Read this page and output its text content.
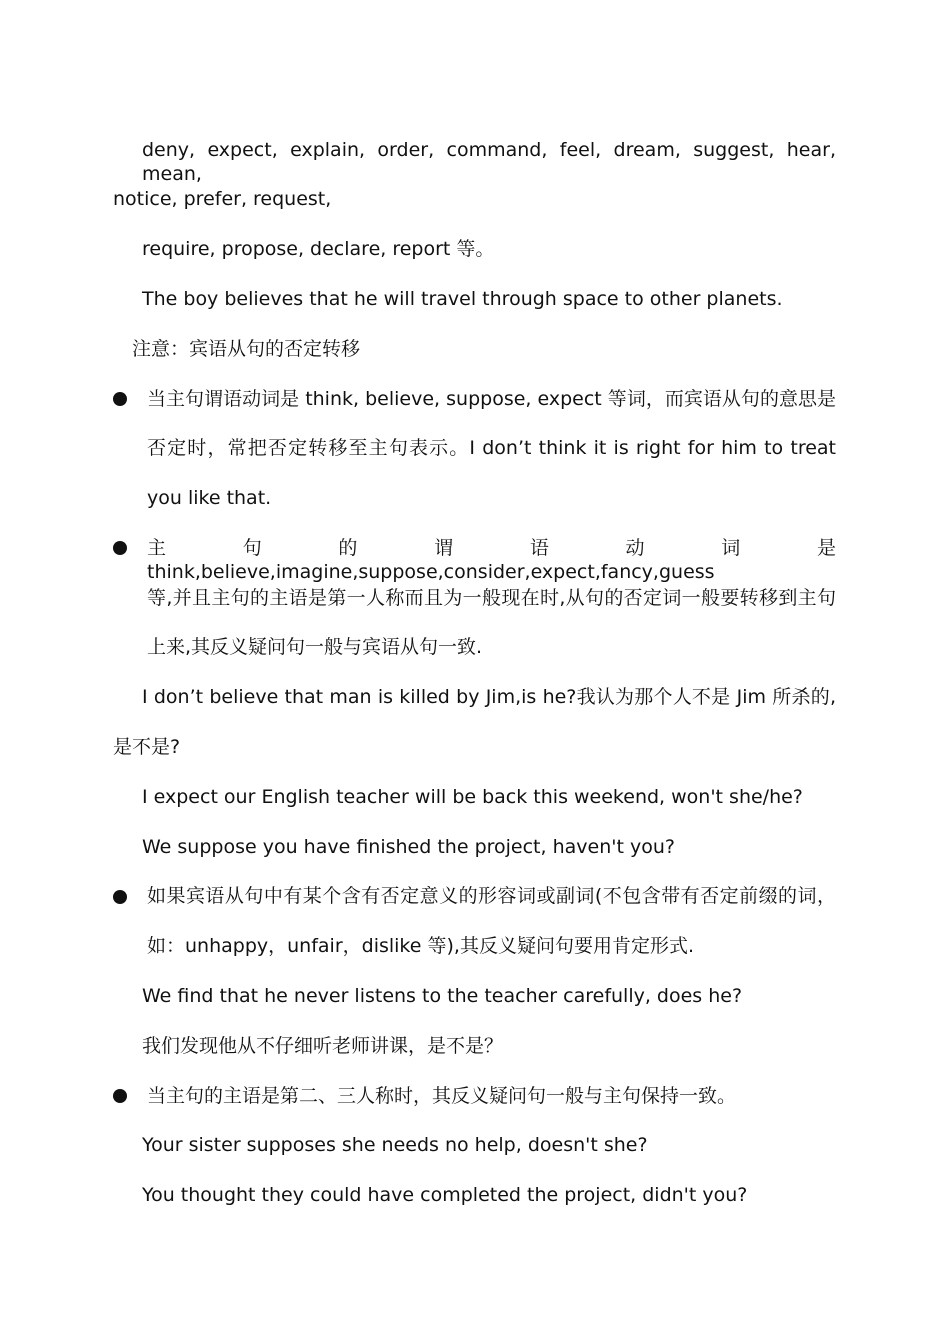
deny, expect, explain, order, command, feel, dream, suggest, hear, mean,
notice, prefer, request,
require, propose, declare, report 等。
The boy believes that he will travel through space to other planets.
注意：宾语从句的否定转移
当主句谓语动词是 think, believe, suppose, expect 等词，而宾语从句的意思是
否定时，常把否定转移至主句表示。I don’t think it is right for him to treat
you like that.
主句的谓语动词是 think,believe,imagine,suppose,consider,expect,fancy,guess
等,并且主句的主语是第一人称而且为一般现在时,从句的否定词一般要转移到主句
上来,其反义疑问句一般与宾语从句一致.
I don’t believe that man is killed by Jim,is he?我认为那个人不是 Jim 所杀的,
是不是?
I expect our English teacher will be back this weekend, won't she/he?
We suppose you have finished the project, haven't you?
如果宾语从句中有某个含有否定意义的形容词或副词(不包含带有否定前缀的词，
如：unhappy，unfair，dislike 等),其反义疑问句要用肯定形式.
We find that he never listens to the teacher carefully, does he?
我们发现他从不仔细听老师讲课，是不是？
当主句的主语是第二、三人称时，其反义疑问句一般与主句保持一致。
Your sister supposes she needs no help, doesn't she?
You thought they could have completed the project, didn't you?
